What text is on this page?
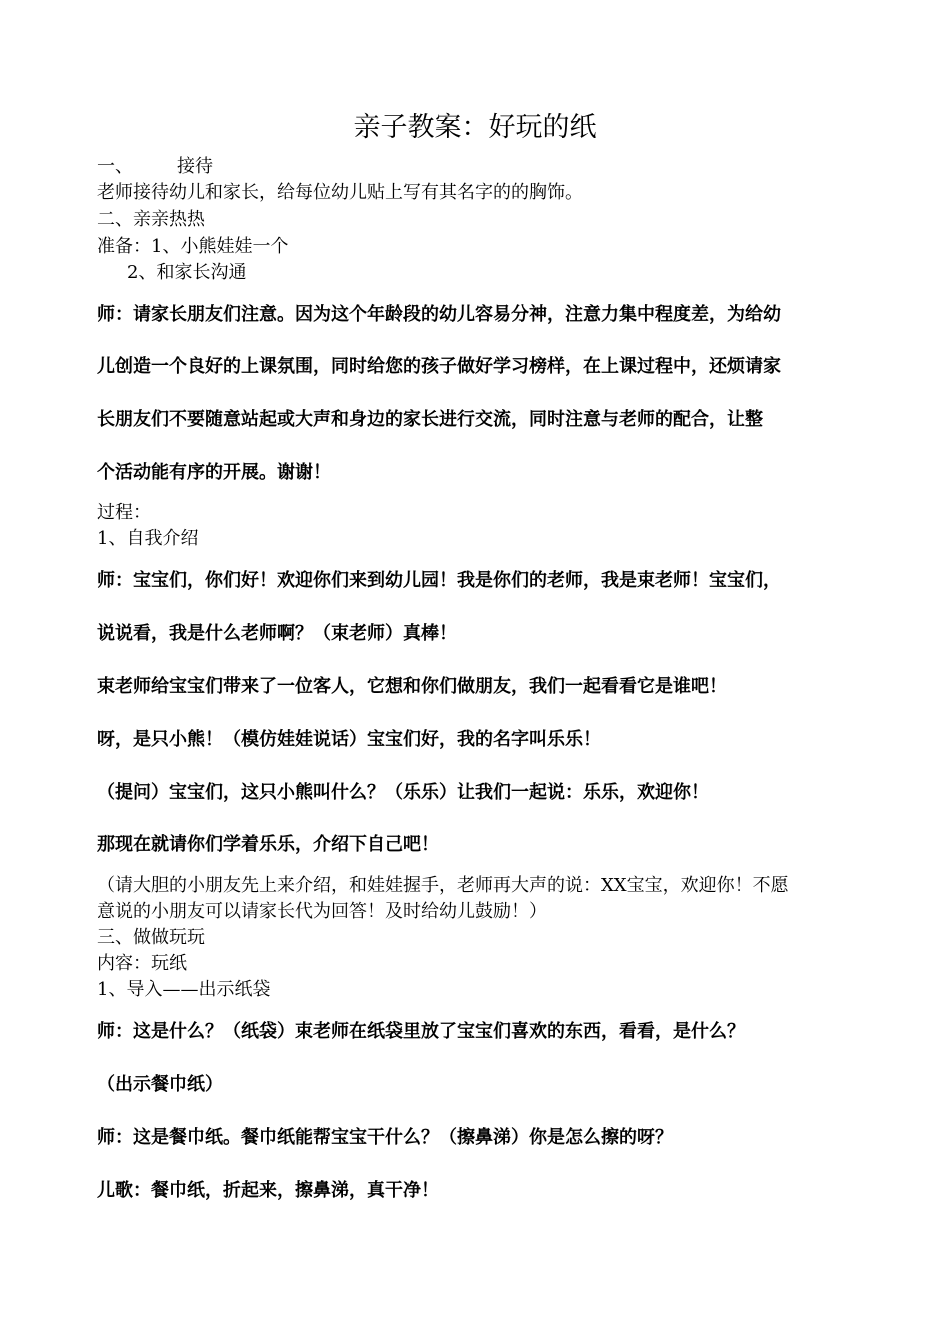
亲子教案：好玩的纸
一、 接待
老师接待幼儿和家长，给每位幼儿贴上写有其名字的的胸饰。
二、亲亲热热
准备：1、小熊娃娃一个
2、和家长沟通
师：请家长朋友们注意。因为这个年龄段的幼儿容易分神，注意力集中程度差，为给幼
儿创造一个良好的上课氛围，同时给您的孩子做好学习榜样，在上课过程中，还烦请家
长朋友们不要随意站起或大声和身边的家长进行交流，同时注意与老师的配合，让整
个活动能有序的开展。谢谢！
过程：
1、自我介绍
师：宝宝们，你们好！欢迎你们来到幼儿园！我是你们的老师，我是束老师！宝宝们，
说说看，我是什么老师啊？（束老师）真棒！
束老师给宝宝们带来了一位客人，它想和你们做朋友，我们一起看看它是谁吧！
呀，是只小熊！（模仿娃娃说话）宝宝们好，我的名字叫乐乐！
（提问）宝宝们，这只小熊叫什么？（乐乐）让我们一起说：乐乐，欢迎你！
那现在就请你们学着乐乐，介绍下自己吧！
（请大胆的小朋友先上来介绍，和娃娃握手，老师再大声的说：XX宝宝，欢迎你！不愿
意说的小朋友可以请家长代为回答！及时给幼儿鼓励！）
三、做做玩玩
内容：玩纸
1、导入——出示纸袋
师：这是什么？（纸袋）束老师在纸袋里放了宝宝们喜欢的东西，看看，是什么？
（出示餐巾纸）
师：这是餐巾纸。餐巾纸能帮宝宝干什么？（擦鼻涕）你是怎么擦的呀？
儿歌：餐巾纸，折起来，擦鼻涕，真干净！
